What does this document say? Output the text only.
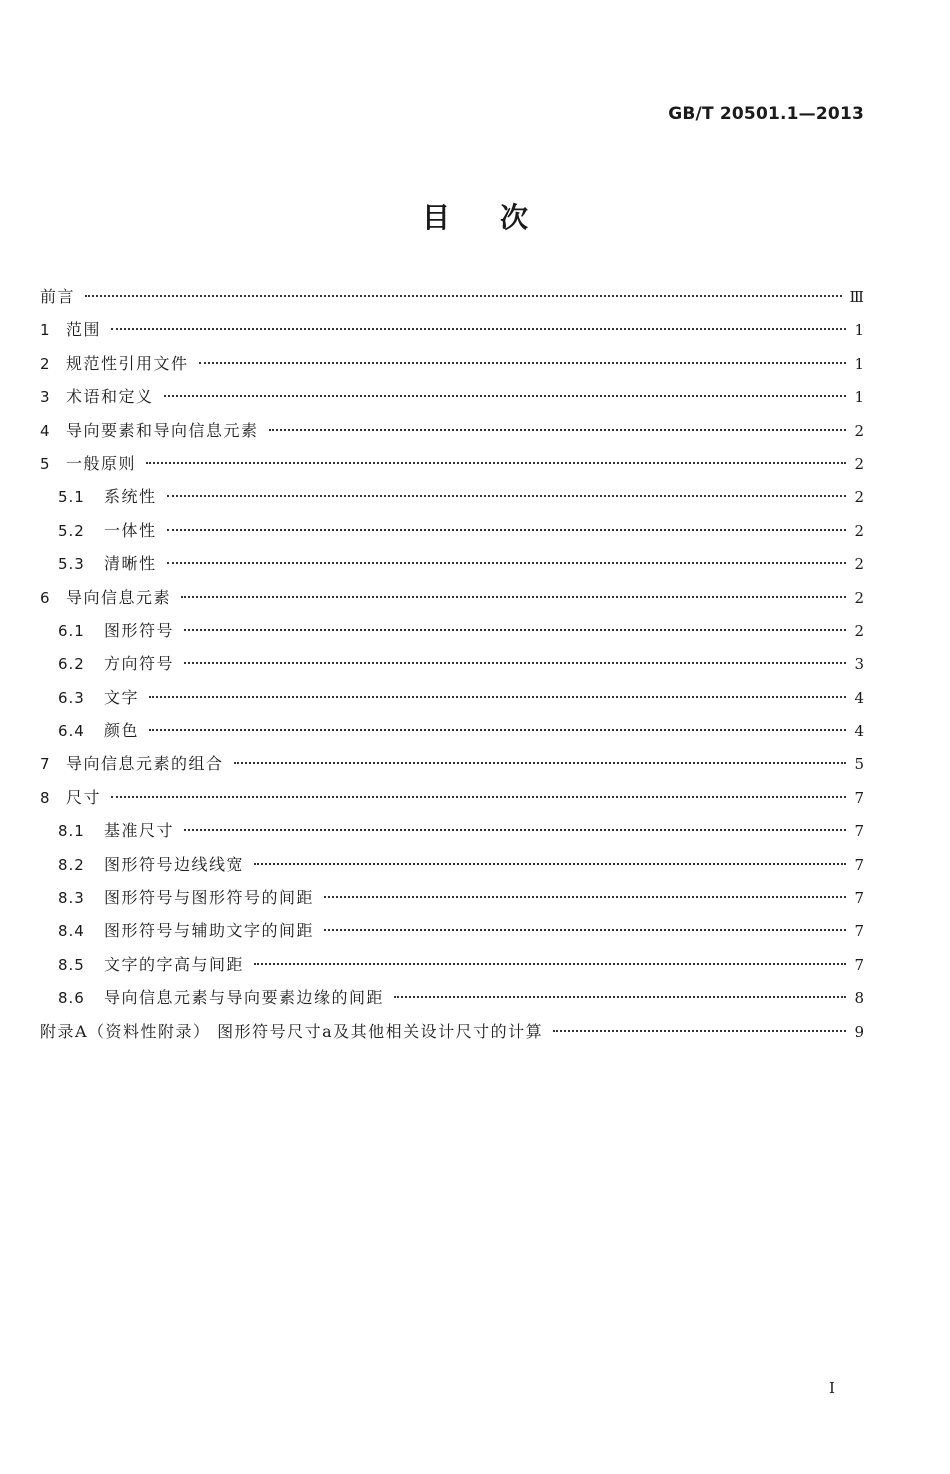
GB/T 20501.1—2013
目次
前言	Ⅲ
1 范围	1
2 规范性引用文件	1
3 术语和定义	1
4 导向要素和导向信息元素	2
5 一般原则	2
5.1	系统性	2
5.2	一体性	2
5.3	清晰性	2
6 导向信息元素	2
6.1	图形符号	2
6.2	方向符号	3
6.3	文字	4
6.4	颜色	4
7 导向信息元素的组合	5
8 尺寸	7
8.1	基准尺寸	7
8.2	图形符号边线线宽	7
8.3	图形符号与图形符号的间距	7
8.4	图形符号与辅助文字的间距	7
8.5	文字的字高与间距	7
8.6	导向信息元素与导向要素边缘的间距	8
附录A（资料性附录） 图形符号尺寸a及其他相关设计尺寸的计算	9
I
